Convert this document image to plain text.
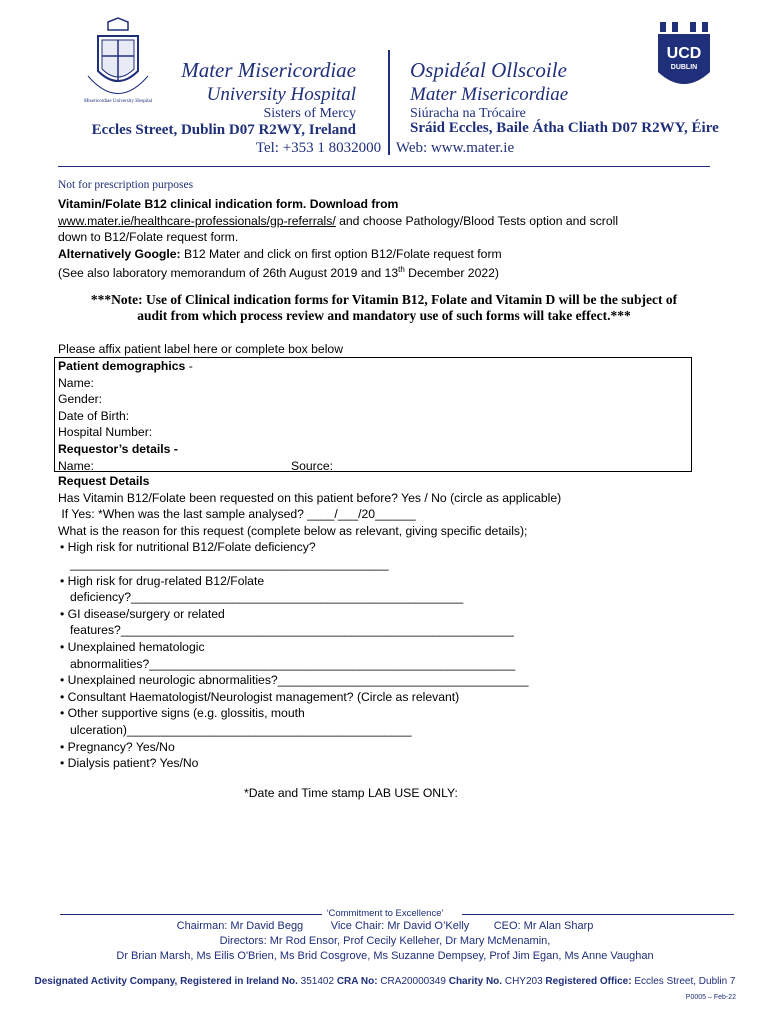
Misericordiae University Hospital
UCD
DUBLIN
Mater Misericordiae
University Hospital
Sisters of Mercy
Eccles Street, Dublin D07 R2WY, Ireland
Ospidéal Ollscoile
Mater Misericordiae
Siúracha na Trócaire
Sráid Eccles, Baile Átha Cliath D07 R2WY, Éire
Tel: +353 1 8032000 Web: www.mater.ie
Not for prescription purposes
Vitamin/Folate B12 clinical indication form. Download from
www.mater.ie/healthcare-professionals/gp-referrals/ and choose Pathology/Blood Tests option and scroll
down to B12/Folate request form.
Alternatively Google: B12 Mater and click on first option B12/Folate request form
(See also laboratory memorandum of 26th August 2019 and 13th December 2022)
***Note: Use of Clinical indication forms for Vitamin B12, Folate and Vitamin D will be the subject of
audit from which process review and mandatory use of such forms will take effect.***
Please affix patient label here or complete box below
Patient demographics -
Name:
Gender:
Date of Birth:
Hospital Number:
Requestor’s details -
Name:	Source:
Request Details
Has Vitamin B12/Folate been requested on this patient before? Yes / No (circle as applicable)
If Yes: *When was the last sample analysed? ____/___/20______
What is the reason for this request (complete below as relevant, giving specific details);
• High risk for nutritional B12/Folate deficiency?
_______________________________________________
• High risk for drug-related B12/Folate
deficiency?_________________________________________________
• GI disease/surgery or related
features?__________________________________________________________
• Unexplained hematologic
abnormalities?______________________________________________________
• Unexplained neurologic abnormalities?_____________________________________
• Consultant Haematologist/Neurologist management? (Circle as relevant)
• Other supportive signs (e.g. glossitis, mouth
ulceration)__________________________________________
• Pregnancy? Yes/No
• Dialysis patient? Yes/No
*Date and Time stamp LAB USE ONLY:
‘Commitment to Excellence’
Chairman: Mr David Begg	Vice Chair: Mr David O’Kelly CEO: Mr Alan Sharp
Directors: Mr Rod Ensor, Prof Cecily Kelleher, Dr Mary McMenamin,
Dr Brian Marsh, Ms Eilis O'Brien, Ms Brid Cosgrove, Ms Suzanne Dempsey, Prof Jim Egan, Ms Anne Vaughan
Designated Activity Company, Registered in Ireland No. 351402 CRA No: CRA20000349 Charity No. CHY203 Registered Office: Eccles Street, Dublin 7
P0005 – Feb-22
